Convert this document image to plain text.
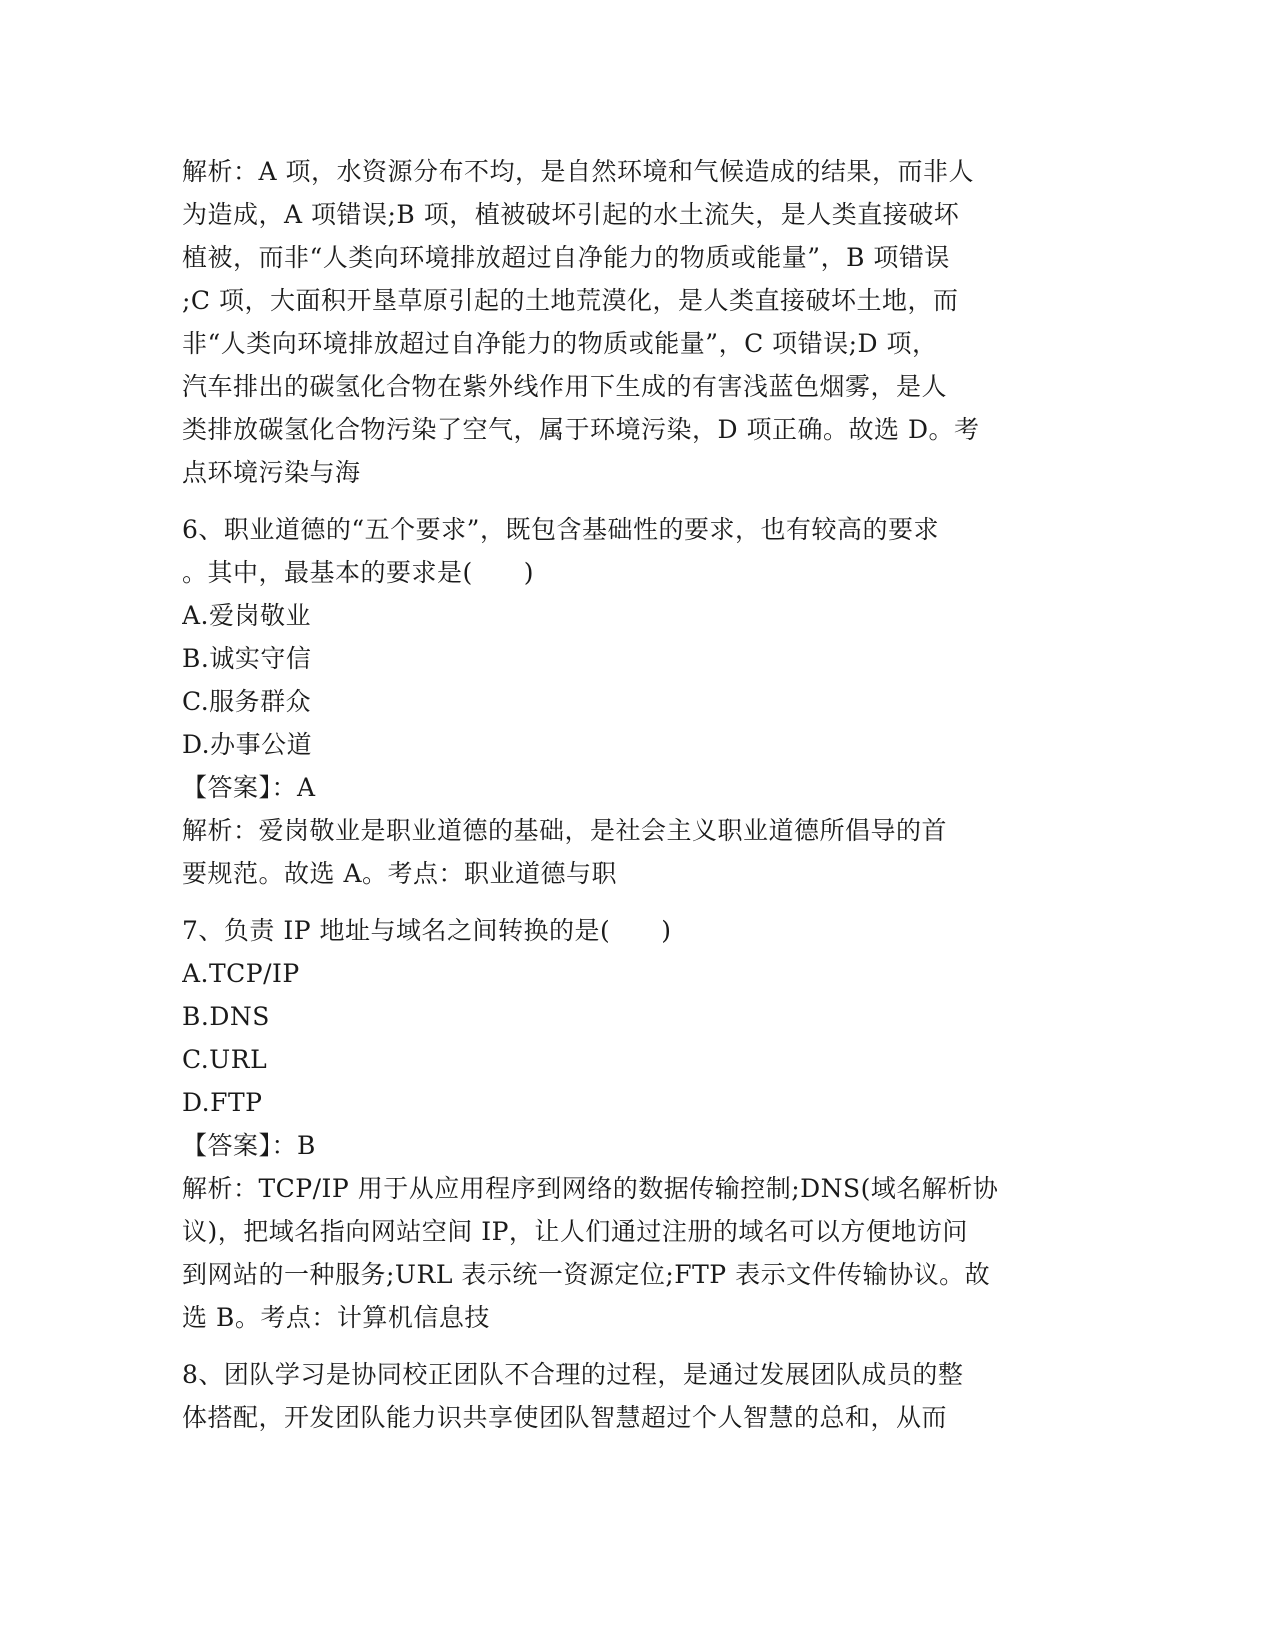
解析：A 项，水资源分布不均，是自然环境和气候造成的结果，而非人
为造成，A 项错误;B 项，植被破坏引起的水土流失，是人类直接破坏
植被，而非“人类向环境排放超过自净能力的物质或能量”，B 项错误
;C 项，大面积开垦草原引起的土地荒漠化，是人类直接破坏土地，而
非“人类向环境排放超过自净能力的物质或能量”，C 项错误;D 项，
汽车排出的碳氢化合物在紫外线作用下生成的有害浅蓝色烟雾，是人
类排放碳氢化合物污染了空气，属于环境污染，D 项正确。故选 D。考
点环境污染与海
6、职业道德的“五个要求”，既包含基础性的要求，也有较高的要求
。其中，最基本的要求是(　　)
A.爱岗敬业
B.诚实守信
C.服务群众
D.办事公道
【答案】：A
解析：爱岗敬业是职业道德的基础，是社会主义职业道德所倡导的首
要规范。故选 A。考点：职业道德与职
7、负责 IP 地址与域名之间转换的是(　　)
A.TCP/IP
B.DNS
C.URL
D.FTP
【答案】：B
解析：TCP/IP 用于从应用程序到网络的数据传输控制;DNS(域名解析协
议)，把域名指向网站空间 IP，让人们通过注册的域名可以方便地访问
到网站的一种服务;URL 表示统一资源定位;FTP 表示文件传输协议。故
选 B。考点：计算机信息技
8、团队学习是协同校正团队不合理的过程，是通过发展团队成员的整
体搭配，开发团队能力识共享使团队智慧超过个人智慧的总和，从而
